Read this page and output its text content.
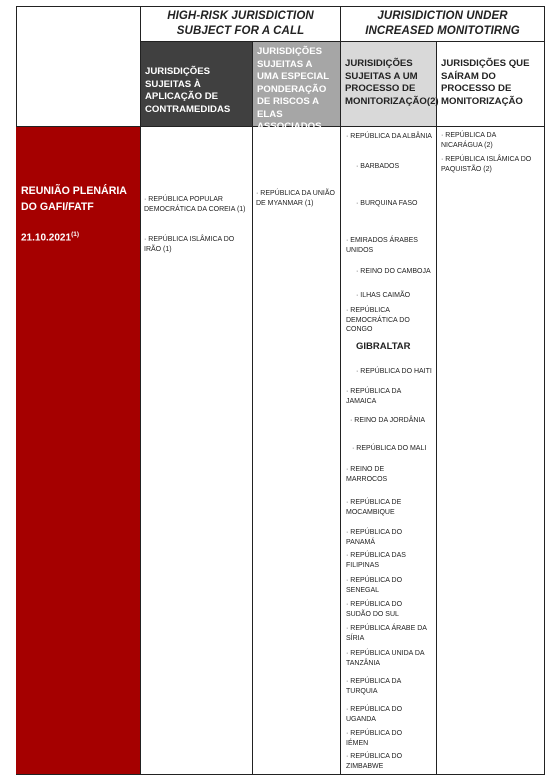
HIGH-RISK JURISDICTION SUBJECT FOR A CALL
JURISIDICTION UNDER INCREASED MONITOTIRNG
JURISDIÇÕES SUJEITAS À APLICAÇÃO DE CONTRAMEDIDAS
JURISDIÇÕES SUJEITAS A UMA ESPECIAL PONDERAÇÃO DE RISCOS A ELAS ASSOCIADOS
JURISIDIÇÕES SUJEITAS A UM PROCESSO DE MONITORIZAÇÃO(2)
JURISDIÇÕES QUE SAÍRAM DO PROCESSO DE MONITORIZAÇÃO
REUNIÃO PLENÁRIA
DO GAFI/FATF
$21.10.2021^{(1)}$
· REPÚBLICA POPULAR DEMOCRÁTICA DA COREIA (1)
· REPÚBLICA ISLÂMICA DO IRÃO (1)
· REPÚBLICA DA UNIÃO DE MYANMAR (1)
· REPÚBLICA DA ALBÂNIA
· BARBADOS
· BURQUINA FASO
· EMIRADOS ÁRABES UNIDOS
· REINO DO CAMBOJA
· ILHAS CAIMÃO
· REPÚBLICA DEMOCRÁTICA DO CONGO
GIBRALTAR
· REPÚBLICA DO HAITI
· REPÚBLICA DA JAMAICA
· REINO DA JORDÂNIA
· REPÚBLICA DO MALI
· REINO DE MARROCOS
· REPÚBLICA DE MOCAMBIQUE
· REPÚBLICA DO PANAMÁ
· REPÚBLICA DAS FILIPINAS
· REPÚBLICA DO SENEGAL
· REPÚBLICA DO SUDÃO DO SUL
· REPÚBLICA ÁRABE DA SÍRIA
· REPÚBLICA UNIDA DA TANZÂNIA
· REPÚBLICA DA TURQUIA
· REPÚBLICA DO UGANDA
· REPÚBLICA DO IÉMEN
· REPÚBLICA DO ZIMBABWE
· REPÚBLICA DA NICARÁGUA (2)
· REPÚBLICA ISLÂMICA DO PAQUISTÃO (2)
